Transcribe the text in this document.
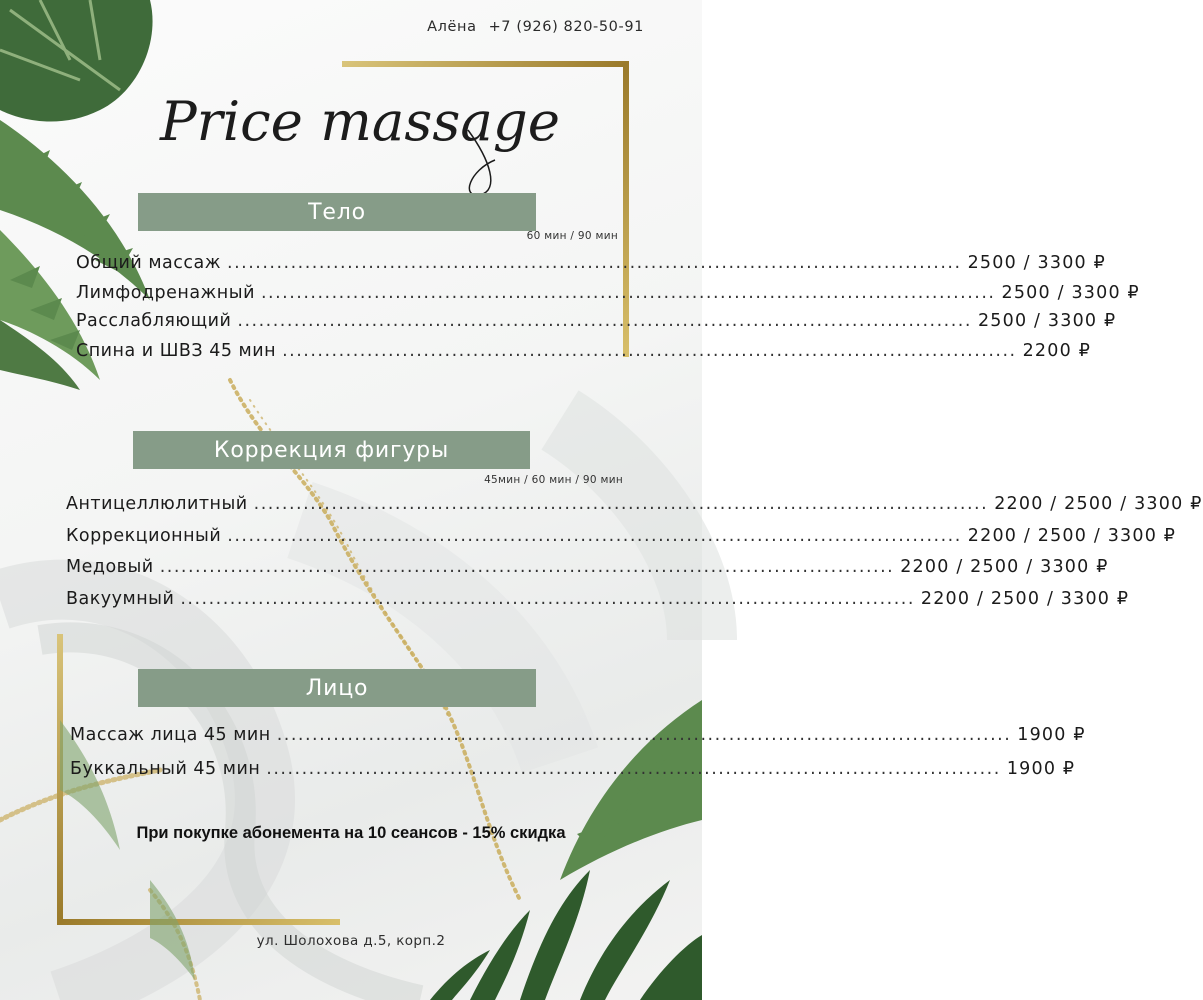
Алёна +7 (926) 820-50-91
Price massage
Тело
60 мин / 90 мин
Общий массаж ........................................................................................................ 2500 / 3300 ₽
Лимфодренажный ........................................................................................................ 2500 / 3300 ₽
Расслабляющий ........................................................................................................ 2500 / 3300 ₽
Спина и ШВЗ 45 мин ........................................................................................................ 2200 ₽
Коррекция фигуры
45мин / 60 мин / 90 мин
Антицеллюлитный ........................................................................................................ 2200 / 2500 / 3300 ₽
Коррекционный ........................................................................................................ 2200 / 2500 / 3300 ₽
Медовый ........................................................................................................ 2200 / 2500 / 3300 ₽
Вакуумный ........................................................................................................ 2200 / 2500 / 3300 ₽
Лицо
Массаж лица 45 мин ........................................................................................................ 1900 ₽
Буккальный 45 мин ........................................................................................................ 1900 ₽
При покупке абонемента на 10 сеансов - 15% скидка
ул. Шолохова д.5, корп.2
